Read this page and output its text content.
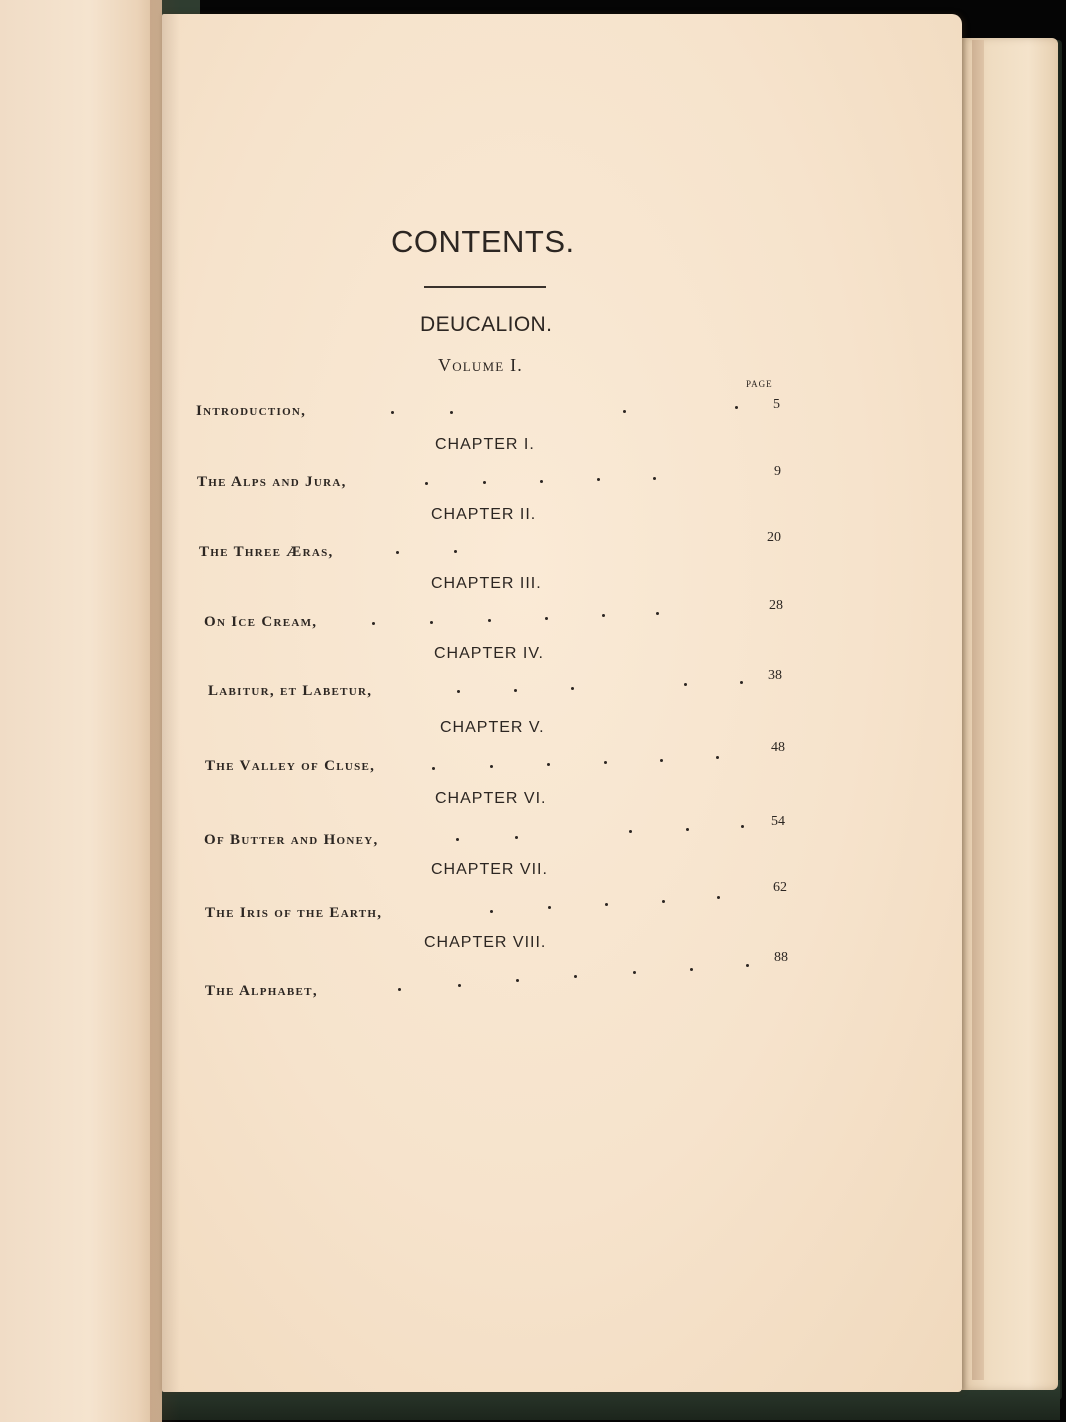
CONTENTS.
DEUCALION.
Volume I.
PAGE
Introduction,	5
CHAPTER I.
The Alps and Jura,
9
CHAPTER II.
The Three Æras,
20
CHAPTER III.
On Ice Cream,
28
CHAPTER IV.
Labitur, et Labetur,
38
CHAPTER V.
The Valley of Cluse,
48
CHAPTER VI.
Of Butter and Honey,
54
CHAPTER VII.
The Iris of the Earth,
62
CHAPTER VIII.
The Alphabet,
88
